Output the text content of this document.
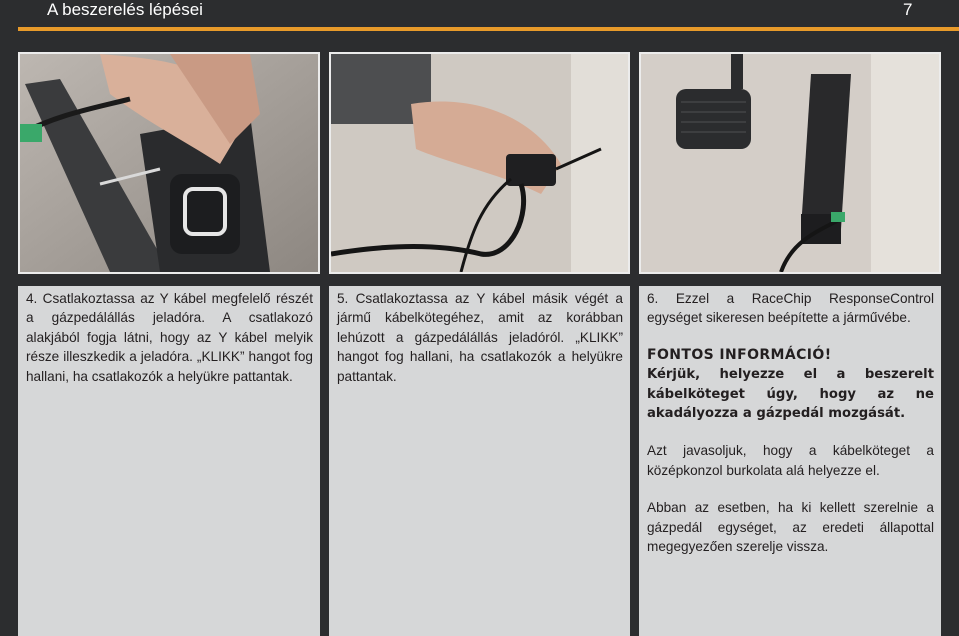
A beszerelés lépései	7

4. Csatlakoztassa az Y kábel megfelelő részét a gázpedálállás jeladóra. A csatlakozó alakjából fogja látni, hogy az Y kábel melyik része illeszkedik a jeladóra. „KLIKK” hangot fog hallani, ha csatlakozók a helyükre pattantak.

5. Csatlakoztassa az Y kábel másik végét a jármű kábelkötegéhez, amit az korábban lehúzott a gázpedálállás jeladóról. „KLIKK” hangot fog hallani, ha csatlakozók a helyükre pattantak.

6. Ezzel a RaceChip ResponseControl egységet sikeresen beépítette a járművébe.

FONTOS INFORMÁCIÓ!

Kérjük, helyezze el a beszerelt kábelköteget úgy, hogy az ne akadályozza a gázpedál mozgását.

Azt javasoljuk, hogy a kábelköteget a középkonzol burkolata alá helyezze el.

Abban az esetben, ha ki kellett szerelnie a gázpedál egységet, az eredeti állapottal megegyezően szerelje vissza.
